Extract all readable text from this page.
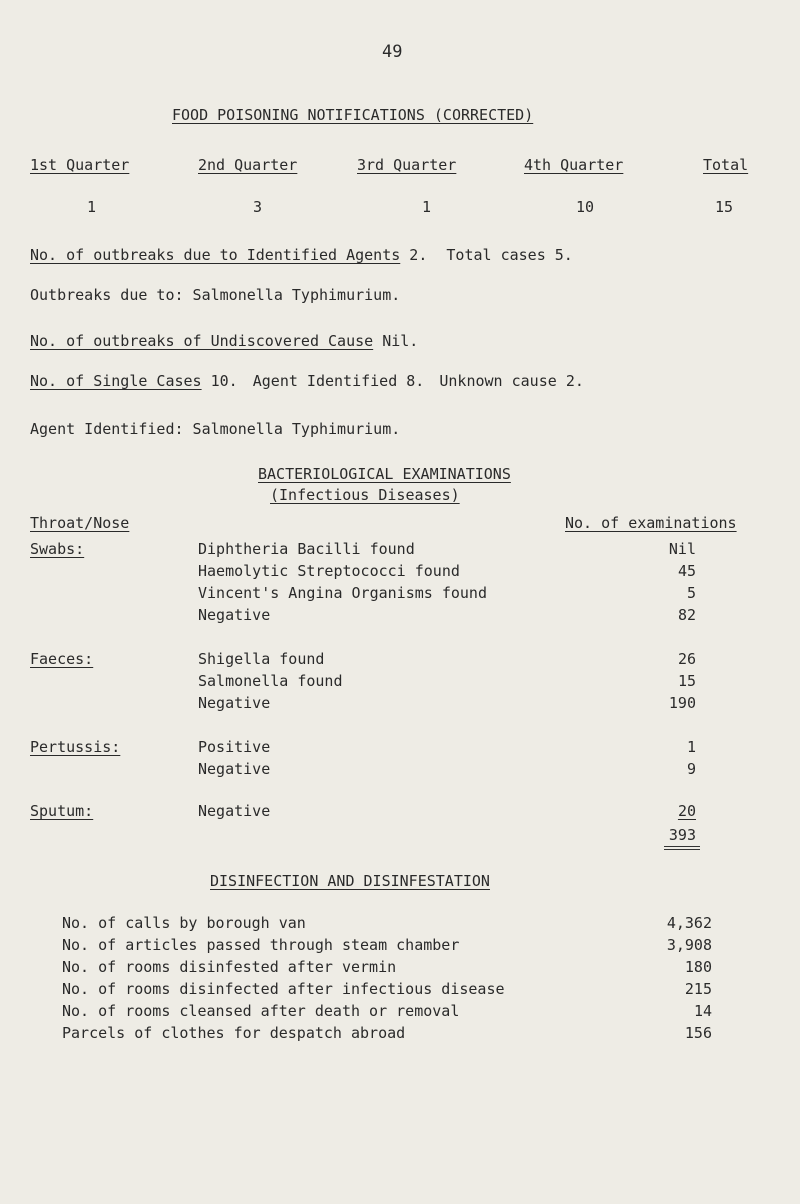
49
FOOD POISONING NOTIFICATIONS (CORRECTED)
1st Quarter	2nd Quarter	3rd Quarter	4th Quarter	Total
1	3	1	10	15
No. of outbreaks due to Identified Agents 2. Total cases 5.
Outbreaks due to: Salmonella Typhimurium.
No. of outbreaks of Undiscovered Cause Nil.
No. of Single Cases 10. Agent Identified 8. Unknown cause 2.
Agent Identified: Salmonella Typhimurium.
BACTERIOLOGICAL EXAMINATIONS
(Infectious Diseases)
Throat/Nose	No. of examinations
Swabs:	Diphtheria Bacilli found	Nil
Haemolytic Streptococci found	45
Vincent's Angina Organisms found	5
Negative	82
Faeces:	Shigella found	26
Salmonella found	15
Negative	190
Pertussis:	Positive	1
Negative	9
Sputum:	Negative	20
393
DISINFECTION AND DISINFESTATION
No. of calls by borough van	4,362
No. of articles passed through steam chamber	3,908
No. of rooms disinfested after vermin	180
No. of rooms disinfected after infectious disease	215
No. of rooms cleansed after death or removal	14
Parcels of clothes for despatch abroad	156
